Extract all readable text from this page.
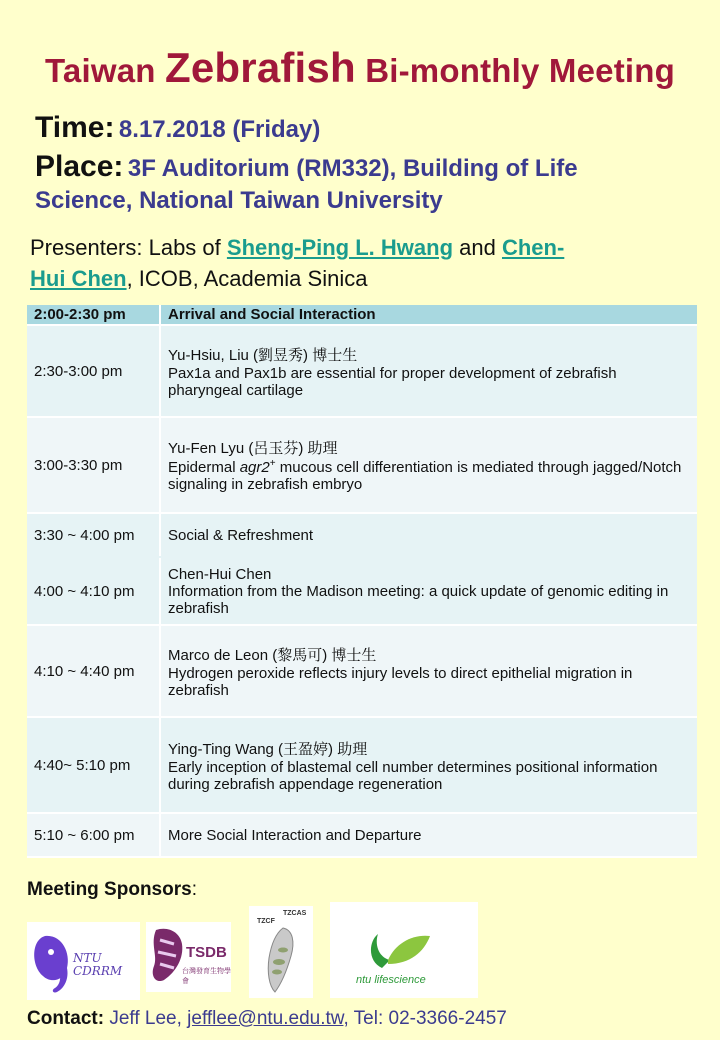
Taiwan Zebrafish Bi-monthly Meeting
Time: 8.17.2018 (Friday)
Place: 3F Auditorium (RM332), Building of Life
Science, National Taiwan University
Presenters: Labs of Sheng-Ping L. Hwang and Chen-
Hui Chen, ICOB, Academia Sinica
2:00-2:30 pm	Arrival and Social Interaction
2:30-3:00 pm	Yu-Hsiu, Liu (劉昱秀) 博士生
Pax1a and Pax1b are essential for proper development of zebrafish pharyngeal cartilage

3:00-3:30 pm	Yu-Fen Lyu (呂玉芬) 助理
Epidermal agr2+ mucous cell differentiation is mediated through jagged/Notch signaling in zebrafish embryo

3:30 ~ 4:00 pm	Social & Refreshment
4:00 ~ 4:10 pm	Chen-Hui Chen
Information from the Madison meeting: a quick update of genomic editing in zebrafish

4:10 ~ 4:40 pm	Marco de Leon (黎馬可) 博士生
Hydrogen peroxide reflects injury levels to direct epithelial migration in zebrafish

4:40~ 5:10 pm	Ying-Ting Wang (王盈婷) 助理
Early inception of blastemal cell number determines positional information during zebrafish appendage regeneration

5:10 ~ 6:00 pm	More Social Interaction and Departure
Meeting Sponsors:
NTU
CDRRM
TSDB
台灣發育生物學會
TZCF
TZCAS
ntu lifescience
Contact: Jeff Lee, jefflee@ntu.edu.tw, Tel: 02-3366-2457
